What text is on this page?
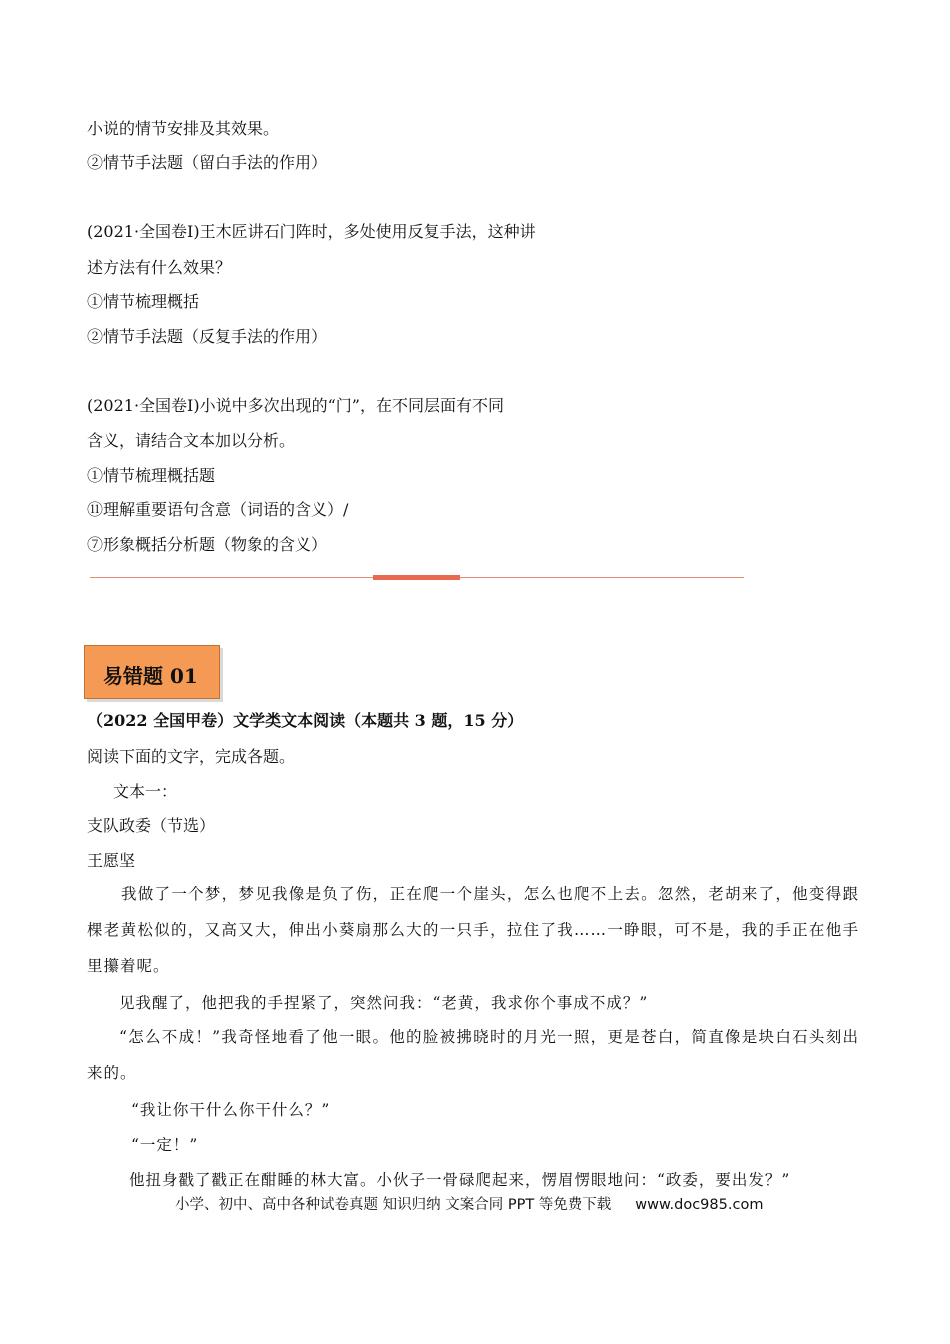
小说的情节安排及其效果。
②情节手法题（留白手法的作用）
(2021·全国卷Ⅰ)王木匠讲石门阵时，多处使用反复手法，这种讲
述方法有什么效果？
①情节梳理概括
②情节手法题（反复手法的作用）
(2021·全国卷Ⅰ)小说中多次出现的“门”，在不同层面有不同
含义，请结合文本加以分析。
①情节梳理概括题
⑪理解重要语句含意（词语的含义）/
⑦形象概括分析题（物象的含义）
易错题 01
（2022 全国甲卷）文学类文本阅读（本题共 3 题，15 分）
阅读下面的文字，完成各题。
文本一：
支队政委（节选）
王愿坚
我做了一个梦，梦见我像是负了伤，正在爬一个崖头，怎么也爬不上去。忽然，老胡来了，他变得跟棵老黄松似的，又高又大，伸出小葵扇那么大的一只手，拉住了我……一睁眼，可不是，我的手正在他手里攥着呢。
见我醒了，他把我的手捏紧了，突然问我：“老黄，我求你个事成不成？”
“怎么不成！”我奇怪地看了他一眼。他的脸被拂晓时的月光一照，更是苍白，简直像是块白石头刻出来的。
“我让你干什么你干什么？”
“一定！”
他扭身戳了戳正在酣睡的林大富。小伙子一骨碌爬起来，愣眉愣眼地问：“政委，要出发？”
小学、初中、高中各种试卷真题 知识归纳 文案合同 PPT 等免费下载 www.doc985.com
